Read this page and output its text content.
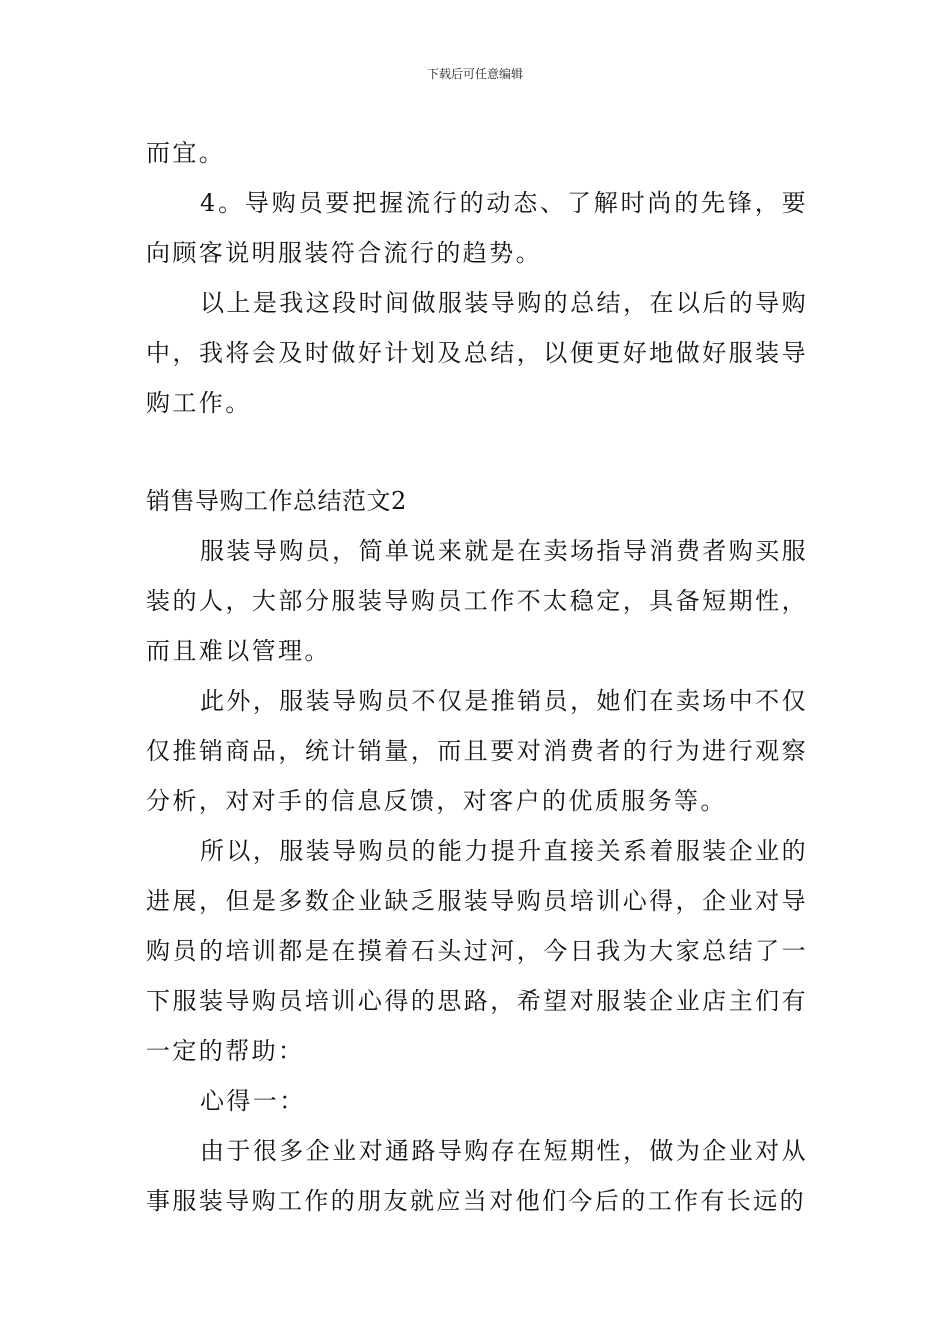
下载后可任意编辑

而宜。

4。导购员要把握流行的动态、了解时尚的先锋，要向顾客说明服装符合流行的趋势。

以上是我这段时间做服装导购的总结，在以后的导购中，我将会及时做好计划及总结，以便更好地做好服装导购工作。

销售导购工作总结范文2

服装导购员，简单说来就是在卖场指导消费者购买服装的人，大部分服装导购员工作不太稳定，具备短期性，而且难以管理。

此外，服装导购员不仅是推销员，她们在卖场中不仅仅推销商品，统计销量，而且要对消费者的行为进行观察分析，对对手的信息反馈，对客户的优质服务等。

所以，服装导购员的能力提升直接关系着服装企业的进展，但是多数企业缺乏服装导购员培训心得，企业对导购员的培训都是在摸着石头过河，今日我为大家总结了一下服装导购员培训心得的思路，希望对服装企业店主们有一定的帮助：

心得一：

由于很多企业对通路导购存在短期性，做为企业对从事服装导购工作的朋友就应当对他们今后的工作有长远的
